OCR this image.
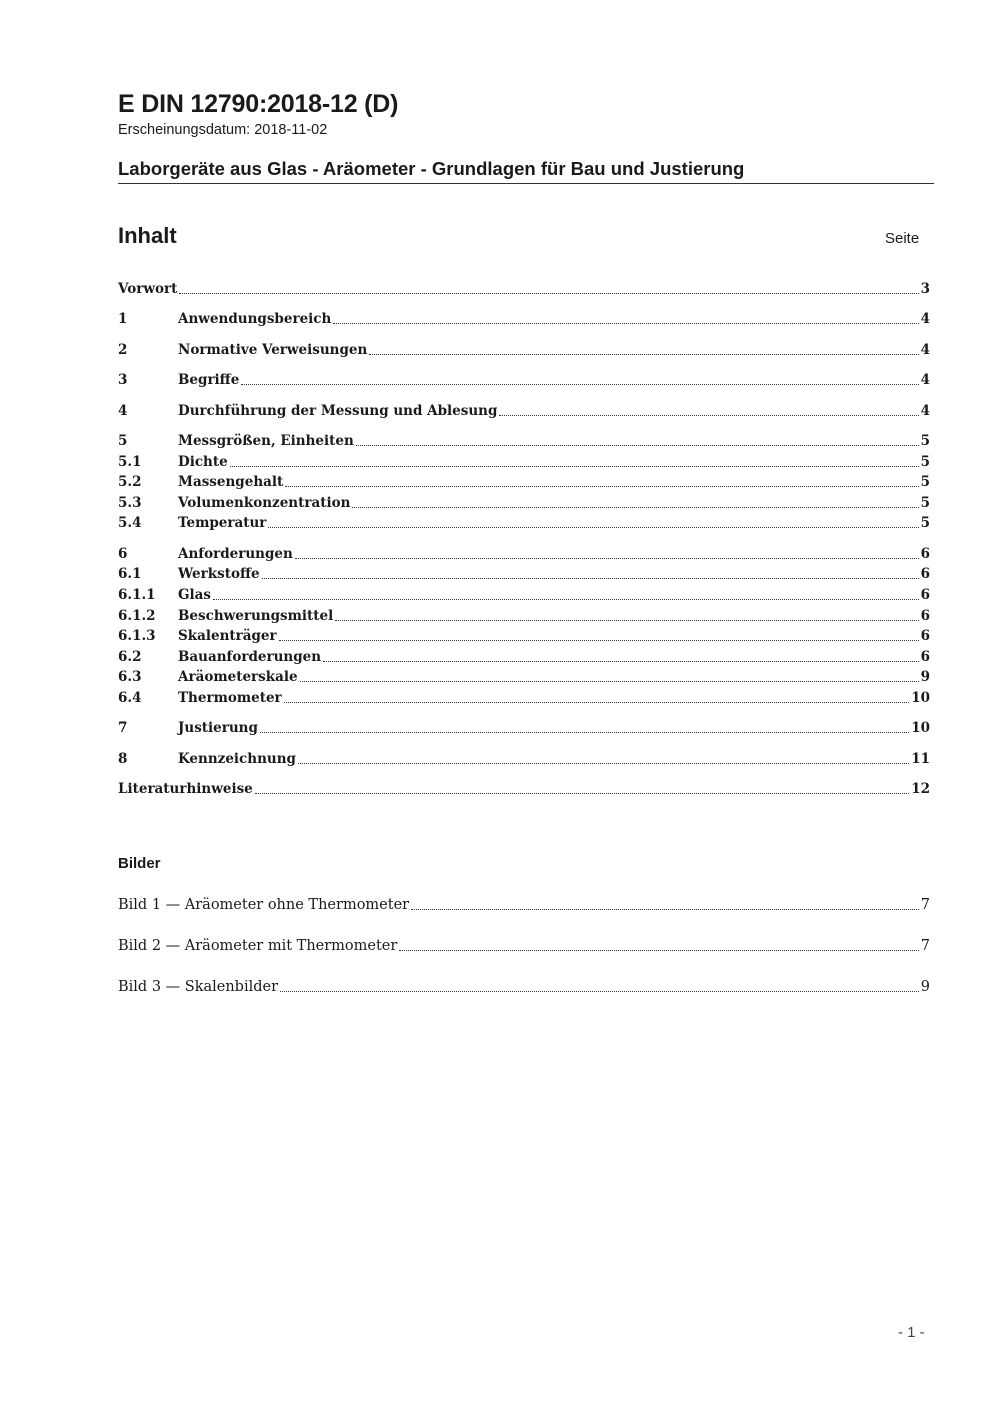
E DIN 12790:2018-12 (D)

Erscheinungsdatum: 2018-11-02

Laborgeräte aus Glas - Aräometer - Grundlagen für Bau und Justierung
Inhalt	Seite
Vorwort	3
1	Anwendungsbereich	4
2	Normative Verweisungen	4
3	Begriffe	4
4	Durchführung der Messung und Ablesung	4
5	Messgrößen, Einheiten	5
5.1	Dichte	5
5.2	Massengehalt	5
5.3	Volumenkonzentration	5
5.4	Temperatur	5
6	Anforderungen	6
6.1	Werkstoffe	6
6.1.1	Glas	6
6.1.2	Beschwerungsmittel	6
6.1.3	Skalenträger	6
6.2	Bauanforderungen	6
6.3	Aräometerskale	9
6.4	Thermometer	10
7	Justierung	10
8	Kennzeichnung	11
Literaturhinweise	12
Bilder
Bild 1 — Aräometer ohne Thermometer	7
Bild 2 — Aräometer mit Thermometer	7
Bild 3 — Skalenbilder	9
- 1 -
